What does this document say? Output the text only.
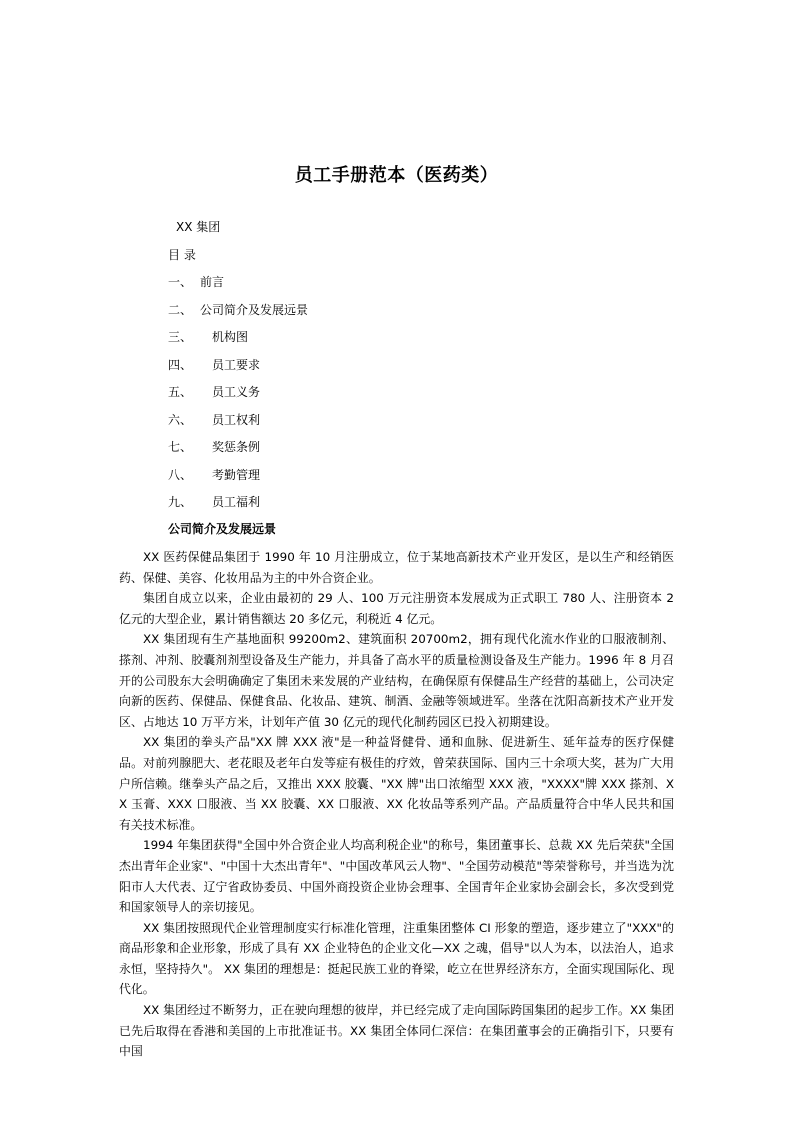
员工手册范本（医药类）
XX 集团
目 录
一、 前言
二、 公司简介及发展远景
三、 机构图
四、 员工要求
五、 员工义务
六、 员工权利
七、 奖惩条例
八、 考勤管理
九、 员工福利
公司简介及发展远景

XX 医药保健品集团于 1990 年 10 月注册成立，位于某地高新技术产业开发区，是以生产和经销医药、保健、美容、化妆用品为主的中外合资企业。

集团自成立以来，企业由最初的 29 人、100 万元注册资本发展成为正式职工 780 人、注册资本 2 亿元的大型企业，累计销售额达 20 多亿元，利税近 4 亿元。

XX 集团现有生产基地面积 99200m2、建筑面积 20700m2，拥有现代化流水作业的口服液制剂、搽剂、冲剂、胶囊剂剂型设备及生产能力，并具备了高水平的质量检测设备及生产能力。1996 年 8 月召开的公司股东大会明确确定了集团未来发展的产业结构，在确保原有保健品生产经营的基础上，公司决定向新的医药、保健品、保健食品、化妆品、建筑、制酒、金融等领域进军。坐落在沈阳高新技术产业开发区、占地达 10 万平方米，计划年产值 30 亿元的现代化制药园区已投入初期建设。

XX 集团的拳头产品"XX 牌 XXX 液"是一种益肾健骨、通和血脉、促进新生、延年益寿的医疗保健品。对前列腺肥大、老花眼及老年白发等症有极佳的疗效，曾荣获国际、国内三十余项大奖，甚为广大用户所信赖。继拳头产品之后，又推出 XXX 胶囊、"XX 牌"出口浓缩型 XXX 液，"XXXX"牌 XXX 搽剂、XX 玉膏、XXX 口服液、当 XX 胶囊、XX 口服液、XX 化妆品等系列产品。产品质量符合中华人民共和国有关技术标准。

1994 年集团获得"全国中外合资企业人均高利税企业"的称号，集团董事长、总裁 XX 先后荣获"全国杰出青年企业家"、"中国十大杰出青年"、"中国改革风云人物"、"全国劳动模范"等荣誉称号，并当选为沈阳市人大代表、辽宁省政协委员、中国外商投资企业协会理事、全国青年企业家协会副会长，多次受到党和国家领导人的亲切接见。

XX 集团按照现代企业管理制度实行标准化管理，注重集团整体 CI 形象的塑造，逐步建立了"XXX"的商品形象和企业形象，形成了具有 XX 企业特色的企业文化—XX 之魂，倡导"以人为本，以法治人，追求永恒，坚持持久"。 XX 集团的理想是：挺起民族工业的脊梁，屹立在世界经济东方，全面实现国际化、现代化。

XX 集团经过不断努力，正在驶向理想的彼岸，并已经完成了走向国际跨国集团的起步工作。XX 集团已先后取得在香港和美国的上市批准证书。XX 集团全体同仁深信：在集团董事会的正确指引下，只要有中国
